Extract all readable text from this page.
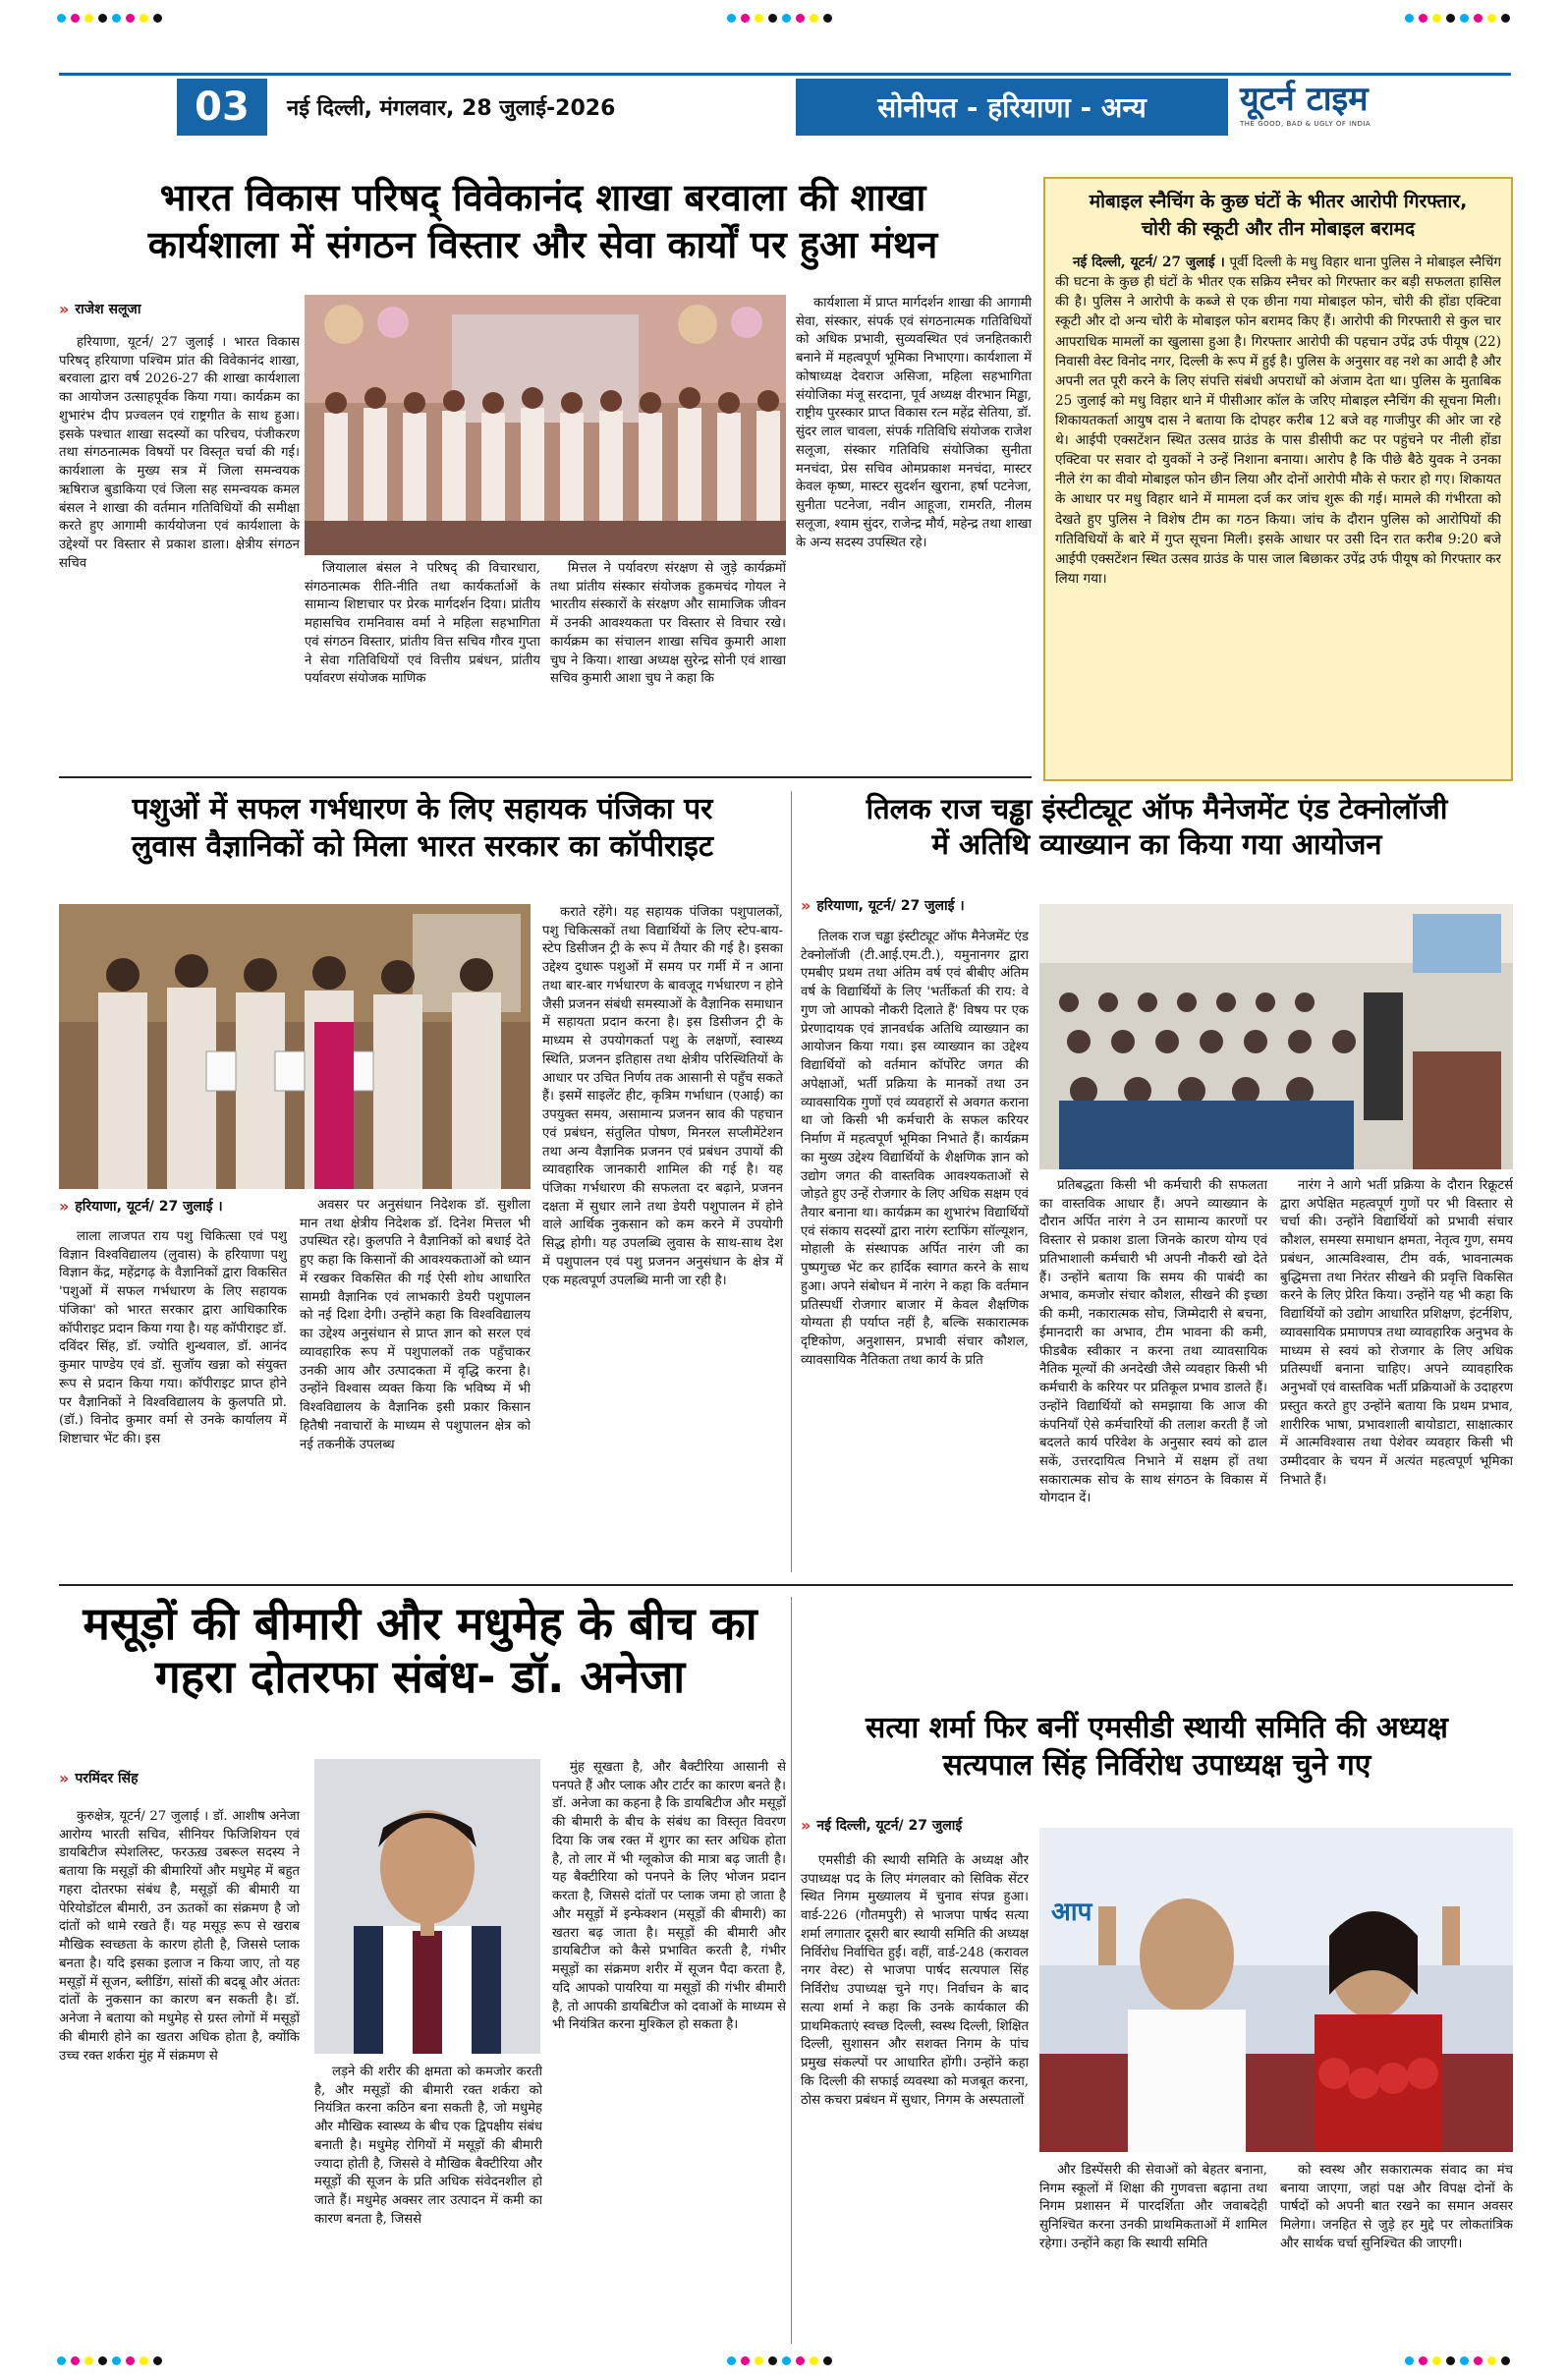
03	नई दिल्ली, मंगलवार, 28 जुलाई-2026	सोनीपत - हरियाणा - अन्य	यूटर्न टाइम
THE GOOD, BAD & UGLY OF INDIA
भारत विकास परिषद् विवेकानंद शाखा बरवाला की शाखा
कार्यशाला में संगठन विस्तार और सेवा कार्यों पर हुआ मंथन
» राजेश सलूजा

हरियाणा, यूटर्न/ 27 जुलाई । भारत विकास परिषद् हरियाणा पश्चिम प्रांत की विवेकानंद शाखा, बरवाला द्वारा वर्ष 2026-27 की शाखा कार्यशाला का आयोजन उत्साहपूर्वक किया गया। कार्यक्रम का शुभारंभ दीप प्रज्वलन एवं राष्ट्रगीत के साथ हुआ। इसके पश्चात शाखा सदस्यों का परिचय, पंजीकरण तथा संगठनात्मक विषयों पर विस्तृत चर्चा की गई। कार्यशाला के मुख्य सत्र में जिला समन्वयक ऋषिराज बुडाकिया एवं जिला सह समन्वयक कमल बंसल ने शाखा की वर्तमान गतिविधियों की समीक्षा करते हुए आगामी कार्ययोजना एवं कार्यशाला के उद्देश्यों पर विस्तार से प्रकाश डाला। क्षेत्रीय संगठन सचिव	जियालाल बंसल ने परिषद् की विचारधारा, संगठनात्मक रीति-नीति तथा कार्यकर्ताओं के सामान्य शिष्टाचार पर प्रेरक मार्गदर्शन दिया। प्रांतीय महासचिव रामनिवास वर्मा ने महिला सहभागिता एवं संगठन विस्तार, प्रांतीय वित्त सचिव गौरव गुप्ता ने सेवा गतिविधियों एवं वित्तीय प्रबंधन, प्रांतीय पर्यावरण संयोजक माणिक

मित्तल ने पर्यावरण संरक्षण से जुड़े कार्यक्रमों तथा प्रांतीय संस्कार संयोजक हुकमचंद गोयल ने भारतीय संस्कारों के संरक्षण और सामाजिक जीवन में उनकी आवश्यकता पर विस्तार से विचार रखे। कार्यक्रम का संचालन शाखा सचिव कुमारी आशा चुघ ने किया। शाखा अध्यक्ष सुरेन्द्र सोनी एवं शाखा सचिव कुमारी आशा चुघ ने कहा कि

कार्यशाला में प्राप्त मार्गदर्शन शाखा की आगामी सेवा, संस्कार, संपर्क एवं संगठनात्मक गतिविधियों को अधिक प्रभावी, सुव्यवस्थित एवं जनहितकारी बनाने में महत्वपूर्ण भूमिका निभाएगा। कार्यशाला में कोषाध्यक्ष देवराज असिजा, महिला सहभागिता संयोजिका मंजू सरदाना, पूर्व अध्यक्ष वीरभान मिड्ढा, राष्ट्रीय पुरस्कार प्राप्त विकास रत्न महेंद्र सेतिया, डॉ. सुंदर लाल चावला, संपर्क गतिविधि संयोजक राजेश सलूजा, संस्कार गतिविधि संयोजिका सुनीता मनचंदा, प्रेस सचिव ओमप्रकाश मनचंदा, मास्टर केवल कृष्ण, मास्टर सुदर्शन खुराना, हर्षा पटनेजा, सुनीता पटनेजा, नवीन आहूजा, रामरति, नीलम सलूजा, श्याम सुंदर, राजेन्द्र मौर्य, महेन्द्र तथा शाखा के अन्य सदस्य उपस्थित रहे।

मोबाइल स्नैचिंग के कुछ घंटों के भीतर आरोपी गिरफ्तार,
चोरी की स्कूटी और तीन मोबाइल बरामद

नई दिल्ली, यूटर्न/ 27 जुलाई । पूर्वी दिल्ली के मधु विहार थाना पुलिस ने मोबाइल स्नैचिंग की घटना के कुछ ही घंटों के भीतर एक सक्रिय स्नैचर को गिरफ्तार कर बड़ी सफलता हासिल की है। पुलिस ने आरोपी के कब्जे से एक छीना गया मोबाइल फोन, चोरी की होंडा एक्टिवा स्कूटी और दो अन्य चोरी के मोबाइल फोन बरामद किए हैं। आरोपी की गिरफ्तारी से कुल चार आपराधिक मामलों का खुलासा हुआ है। गिरफ्तार आरोपी की पहचान उपेंद्र उर्फ पीयूष (22) निवासी वेस्ट विनोद नगर, दिल्ली के रूप में हुई है। पुलिस के अनुसार वह नशे का आदी है और अपनी लत पूरी करने के लिए संपत्ति संबंधी अपराधों को अंजाम देता था। पुलिस के मुताबिक 25 जुलाई को मधु विहार थाने में पीसीआर कॉल के जरिए मोबाइल स्नैचिंग की सूचना मिली। शिकायतकर्ता आयुष दास ने बताया कि दोपहर करीब 12 बजे वह गाजीपुर की ओर जा रहे थे। आईपी एक्सटेंशन स्थित उत्सव ग्राउंड के पास डीसीपी कट पर पहुंचने पर नीली होंडा एक्टिवा पर सवार दो युवकों ने उन्हें निशाना बनाया। आरोप है कि पीछे बैठे युवक ने उनका नीले रंग का वीवो मोबाइल फोन छीन लिया और दोनों आरोपी मौके से फरार हो गए। शिकायत के आधार पर मधु विहार थाने में मामला दर्ज कर जांच शुरू की गई। मामले की गंभीरता को देखते हुए पुलिस ने विशेष टीम का गठन किया। जांच के दौरान पुलिस को आरोपियों की गतिविधियों के बारे में गुप्त सूचना मिली। इसके आधार पर उसी दिन रात करीब 9:20 बजे आईपी एक्सटेंशन स्थित उत्सव ग्राउंड के पास जाल बिछाकर उपेंद्र उर्फ पीयूष को गिरफ्तार कर लिया गया।

पशुओं में सफल गर्भधारण के लिए सहायक पंजिका पर
लुवास वैज्ञानिकों को मिला भारत सरकार का कॉपीराइट
» हरियाणा, यूटर्न/ 27 जुलाई ।

लाला लाजपत राय पशु चिकित्सा एवं पशु विज्ञान विश्वविद्यालय (लुवास) के हरियाणा पशु विज्ञान केंद्र, महेंद्रगढ़ के वैज्ञानिकों द्वारा विकसित 'पशुओं में सफल गर्भधारण के लिए सहायक पंजिका' को भारत सरकार द्वारा आधिकारिक कॉपीराइट प्रदान किया गया है। यह कॉपीराइट डॉ. दविंदर सिंह, डॉ. ज्योति शुन्थवाल, डॉ. आनंद कुमार पाण्डेय एवं डॉ. सुजॉय खन्ना को संयुक्त रूप से प्रदान किया गया। कॉपीराइट प्राप्त होने पर वैज्ञानिकों ने विश्वविद्यालय के कुलपति प्रो. (डॉ.) विनोद कुमार वर्मा से उनके कार्यालय में शिष्टाचार भेंट की। इस

अवसर पर अनुसंधान निदेशक डॉ. सुशीला मान तथा क्षेत्रीय निदेशक डॉ. दिनेश मित्तल भी उपस्थित रहे। कुलपति ने वैज्ञानिकों को बधाई देते हुए कहा कि किसानों की आवश्यकताओं को ध्यान में रखकर विकसित की गई ऐसी शोध आधारित सामग्री वैज्ञानिक एवं लाभकारी डेयरी पशुपालन को नई दिशा देगी। उन्होंने कहा कि विश्वविद्यालय का उद्देश्य अनुसंधान से प्राप्त ज्ञान को सरल एवं व्यावहारिक रूप में पशुपालकों तक पहुँचाकर उनकी आय और उत्पादकता में वृद्धि करना है। उन्होंने विश्वास व्यक्त किया कि भविष्य में भी विश्वविद्यालय के वैज्ञानिक इसी प्रकार किसान हितैषी नवाचारों के माध्यम से पशुपालन क्षेत्र को नई तकनीकें उपलब्ध

कराते रहेंगे। यह सहायक पंजिका पशुपालकों, पशु चिकित्सकों तथा विद्यार्थियों के लिए स्टेप-बाय-स्टेप डिसीजन ट्री के रूप में तैयार की गई है। इसका उद्देश्य दुधारू पशुओं में समय पर गर्मी में न आना तथा बार-बार गर्भधारण के बावजूद गर्भधारण न होने जैसी प्रजनन संबंधी समस्याओं के वैज्ञानिक समाधान में सहायता प्रदान करना है। इस डिसीजन ट्री के माध्यम से उपयोगकर्ता पशु के लक्षणों, स्वास्थ्य स्थिति, प्रजनन इतिहास तथा क्षेत्रीय परिस्थितियों के आधार पर उचित निर्णय तक आसानी से पहुँच सकते हैं। इसमें साइलेंट हीट, कृत्रिम गर्भाधान (एआई) का उपयुक्त समय, असामान्य प्रजनन स्राव की पहचान एवं प्रबंधन, संतुलित पोषण, मिनरल सप्लीमेंटेशन तथा अन्य वैज्ञानिक प्रजनन एवं प्रबंधन उपायों की व्यावहारिक जानकारी शामिल की गई है। यह पंजिका गर्भधारण की सफलता दर बढ़ाने, प्रजनन दक्षता में सुधार लाने तथा डेयरी पशुपालन में होने वाले आर्थिक नुकसान को कम करने में उपयोगी सिद्ध होगी। यह उपलब्धि लुवास के साथ-साथ देश में पशुपालन एवं पशु प्रजनन अनुसंधान के क्षेत्र में एक महत्वपूर्ण उपलब्धि मानी जा रही है।

तिलक राज चड्ढा इंस्टीट्यूट ऑफ मैनेजमेंट एंड टेक्नोलॉजी
में अतिथि व्याख्यान का किया गया आयोजन
» हरियाणा, यूटर्न/ 27 जुलाई ।

तिलक राज चड्ढा इंस्टीट्यूट ऑफ मैनेजमेंट एंड टेक्नोलॉजी (टी.आई.एम.टी.), यमुनानगर द्वारा एमबीए प्रथम तथा अंतिम वर्ष एवं बीबीए अंतिम वर्ष के विद्यार्थियों के लिए 'भर्तीकर्ता की राय: वे गुण जो आपको नौकरी दिलाते हैं' विषय पर एक प्रेरणादायक एवं ज्ञानवर्धक अतिथि व्याख्यान का आयोजन किया गया। इस व्याख्यान का उद्देश्य विद्यार्थियों को वर्तमान कॉर्पोरेट जगत की अपेक्षाओं, भर्ती प्रक्रिया के मानकों तथा उन व्यावसायिक गुणों एवं व्यवहारों से अवगत कराना था जो किसी भी कर्मचारी के सफल करियर निर्माण में महत्वपूर्ण भूमिका निभाते हैं। कार्यक्रम का मुख्य उद्देश्य विद्यार्थियों के शैक्षणिक ज्ञान को उद्योग जगत की वास्तविक आवश्यकताओं से जोड़ते हुए उन्हें रोजगार के लिए अधिक सक्षम एवं तैयार बनाना था। कार्यक्रम का शुभारंभ विद्यार्थियों एवं संकाय सदस्यों द्वारा नारंग स्टाफिंग सॉल्यूशन, मोहाली के संस्थापक अर्पित नारंग जी का पुष्पगुच्छ भेंट कर हार्दिक स्वागत करने के साथ हुआ। अपने संबोधन में नारंग ने कहा कि वर्तमान प्रतिस्पर्धी रोजगार बाजार में केवल शैक्षणिक योग्यता ही पर्याप्त नहीं है, बल्कि सकारात्मक दृष्टिकोण, अनुशासन, प्रभावी संचार कौशल, व्यावसायिक नैतिकता तथा कार्य के प्रति

प्रतिबद्धता किसी भी कर्मचारी की सफलता का वास्तविक आधार हैं। अपने व्याख्यान के दौरान अर्पित नारंग ने उन सामान्य कारणों पर विस्तार से प्रकाश डाला जिनके कारण योग्य एवं प्रतिभाशाली कर्मचारी भी अपनी नौकरी खो देते हैं। उन्होंने बताया कि समय की पाबंदी का अभाव, कमजोर संचार कौशल, सीखने की इच्छा की कमी, नकारात्मक सोच, जिम्मेदारी से बचना, ईमानदारी का अभाव, टीम भावना की कमी, फीडबैक स्वीकार न करना तथा व्यावसायिक नैतिक मूल्यों की अनदेखी जैसे व्यवहार किसी भी कर्मचारी के करियर पर प्रतिकूल प्रभाव डालते हैं। उन्होंने विद्यार्थियों को समझाया कि आज की कंपनियाँ ऐसे कर्मचारियों की तलाश करती हैं जो बदलते कार्य परिवेश के अनुसार स्वयं को ढाल सकें, उत्तरदायित्व निभाने में सक्षम हों तथा सकारात्मक सोच के साथ संगठन के विकास में योगदान दें।

नारंग ने आगे भर्ती प्रक्रिया के दौरान रिक्रूटर्स द्वारा अपेक्षित महत्वपूर्ण गुणों पर भी विस्तार से चर्चा की। उन्होंने विद्यार्थियों को प्रभावी संचार कौशल, समस्या समाधान क्षमता, नेतृत्व गुण, समय प्रबंधन, आत्मविश्वास, टीम वर्क, भावनात्मक बुद्धिमत्ता तथा निरंतर सीखने की प्रवृत्ति विकसित करने के लिए प्रेरित किया। उन्होंने यह भी कहा कि विद्यार्थियों को उद्योग आधारित प्रशिक्षण, इंटर्नशिप, व्यावसायिक प्रमाणपत्र तथा व्यावहारिक अनुभव के माध्यम से स्वयं को रोजगार के लिए अधिक प्रतिस्पर्धी बनाना चाहिए। अपने व्यावहारिक अनुभवों एवं वास्तविक भर्ती प्रक्रियाओं के उदाहरण प्रस्तुत करते हुए उन्होंने बताया कि प्रथम प्रभाव, शारीरिक भाषा, प्रभावशाली बायोडाटा, साक्षात्कार में आत्मविश्वास तथा पेशेवर व्यवहार किसी भी उम्मीदवार के चयन में अत्यंत महत्वपूर्ण भूमिका निभाते हैं।

मसूड़ों की बीमारी और मधुमेह के बीच का
गहरा दोतरफा संबंध- डॉ. अनेजा
» परमिंदर सिंह

कुरुक्षेत्र, यूटर्न/ 27 जुलाई । डॉ. आशीष अनेजा आरोग्य भारती सचिव, सीनियर फिजिशियन एवं डायबिटीज स्पेशलिस्ट, फरऊख़ उबरूल सदस्य ने बताया कि मसूड़ों की बीमारियों और मधुमेह में बहुत गहरा दोतरफा संबंध है, मसूड़ों की बीमारी या पेरियोडोंटल बीमारी, उन ऊतकों का संक्रमण है जो दांतों को थामे रखते हैं। यह मसूड़ रूप से खराब मौखिक स्वच्छता के कारण होती है, जिससे प्लाक बनता है। यदि इसका इलाज न किया जाए, तो यह मसूड़ों में सूजन, ब्लीडिंग, सांसों की बदबू और अंततः दांतों के नुकसान का कारण बन सकती है। डॉ. अनेजा ने बताया को मधुमेह से ग्रस्त लोगों में मसूड़ों की बीमारी होने का खतरा अधिक होता है, क्योंकि उच्च रक्त शर्करा मुंह में संक्रमण से

लड़ने की शरीर की क्षमता को कमजोर करती है, और मसूड़ों की बीमारी रक्त शर्करा को नियंत्रित करना कठिन बना सकती है, जो मधुमेह और मौखिक स्वास्थ्य के बीच एक द्विपक्षीय संबंध बनाती है। मधुमेह रोगियों में मसूड़ों की बीमारी ज्यादा होती है, जिससे वे मौखिक बैक्टीरिया और मसूड़ों की सूजन के प्रति अधिक संवेदनशील हो जाते हैं। मधुमेह अक्सर लार उत्पादन में कमी का कारण बनता है, जिससे

मुंह सूखता है, और बैक्टीरिया आसानी से पनपते हैं और प्लाक और टार्टर का कारण बनते है। डॉ. अनेजा का कहना है कि डायबिटीज और मसूड़ों की बीमारी के बीच के संबंध का विस्तृत विवरण दिया कि जब रक्त में शुगर का स्तर अधिक होता है, तो लार में भी ग्लूकोज की मात्रा बढ़ जाती है। यह बैक्टीरिया को पनपने के लिए भोजन प्रदान करता है, जिससे दांतों पर प्लाक जमा हो जाता है और मसूड़ों में इन्फेक्शन (मसूड़ों की बीमारी) का खतरा बढ़ जाता है। मसूड़ों की बीमारी और डायबिटीज को कैसे प्रभावित करती है, गंभीर मसूड़ों का संक्रमण शरीर में सूजन पैदा करता है, यदि आपको पायरिया या मसूड़ों की गंभीर बीमारी है, तो आपकी डायबिटीज को दवाओं के माध्यम से भी नियंत्रित करना मुश्किल हो सकता है।

सत्या शर्मा फिर बनीं एमसीडी स्थायी समिति की अध्यक्ष
सत्यपाल सिंह निर्विरोध उपाध्यक्ष चुने गए
» नई दिल्ली, यूटर्न/ 27 जुलाई

एमसीडी की स्थायी समिति के अध्यक्ष और उपाध्यक्ष पद के लिए मंगलवार को सिविक सेंटर स्थित निगम मुख्यालय में चुनाव संपन्न हुआ। वार्ड-226 (गौतमपुरी) से भाजपा पार्षद सत्या शर्मा लगातार दूसरी बार स्थायी समिति की अध्यक्ष निर्विरोध निर्वाचित हुईं। वहीं, वार्ड-248 (करावल नगर वेस्ट) से भाजपा पार्षद सत्यपाल सिंह निर्विरोध उपाध्यक्ष चुने गए। निर्वाचन के बाद सत्या शर्मा ने कहा कि उनके कार्यकाल की प्राथमिकताएं स्वच्छ दिल्ली, स्वस्थ दिल्ली, शिक्षित दिल्ली, सुशासन और सशक्त निगम के पांच प्रमुख संकल्पों पर आधारित होंगी। उन्होंने कहा कि दिल्ली की सफाई व्यवस्था को मजबूत करना, ठोस कचरा प्रबंधन में सुधार, निगम के अस्पतालों

आप

और डिस्पेंसरी की सेवाओं को बेहतर बनाना, निगम स्कूलों में शिक्षा की गुणवत्ता बढ़ाना तथा निगम प्रशासन में पारदर्शिता और जवाबदेही सुनिश्चित करना उनकी प्राथमिकताओं में शामिल रहेगा। उन्होंने कहा कि स्थायी समिति

को स्वस्थ और सकारात्मक संवाद का मंच बनाया जाएगा, जहां पक्ष और विपक्ष दोनों के पार्षदों को अपनी बात रखने का समान अवसर मिलेगा। जनहित से जुड़े हर मुद्दे पर लोकतांत्रिक और सार्थक चर्चा सुनिश्चित की जाएगी।
